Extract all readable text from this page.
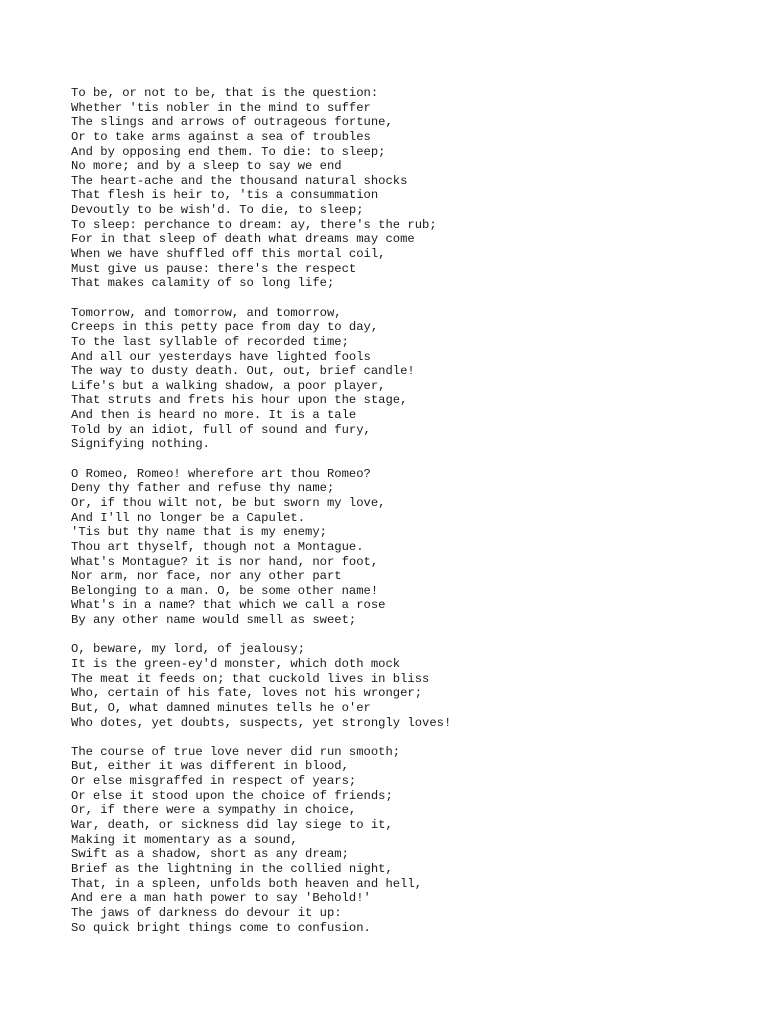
To be, or not to be, that is the question:
Whether 'tis nobler in the mind to suffer
The slings and arrows of outrageous fortune,
Or to take arms against a sea of troubles
And by opposing end them. To die: to sleep;
No more; and by a sleep to say we end
The heart-ache and the thousand natural shocks
That flesh is heir to, 'tis a consummation
Devoutly to be wish'd. To die, to sleep;
To sleep: perchance to dream: ay, there's the rub;
For in that sleep of death what dreams may come
When we have shuffled off this mortal coil,
Must give us pause: there's the respect
That makes calamity of so long life;
Tomorrow, and tomorrow, and tomorrow,
Creeps in this petty pace from day to day,
To the last syllable of recorded time;
And all our yesterdays have lighted fools
The way to dusty death. Out, out, brief candle!
Life's but a walking shadow, a poor player,
That struts and frets his hour upon the stage,
And then is heard no more. It is a tale
Told by an idiot, full of sound and fury,
Signifying nothing.
O Romeo, Romeo! wherefore art thou Romeo?
Deny thy father and refuse thy name;
Or, if thou wilt not, be but sworn my love,
And I'll no longer be a Capulet.
'Tis but thy name that is my enemy;
Thou art thyself, though not a Montague.
What's Montague? it is nor hand, nor foot,
Nor arm, nor face, nor any other part
Belonging to a man. O, be some other name!
What's in a name? that which we call a rose
By any other name would smell as sweet;
O, beware, my lord, of jealousy;
It is the green-ey'd monster, which doth mock
The meat it feeds on; that cuckold lives in bliss
Who, certain of his fate, loves not his wronger;
But, O, what damned minutes tells he o'er
Who dotes, yet doubts, suspects, yet strongly loves!
The course of true love never did run smooth;
But, either it was different in blood,
Or else misgraffed in respect of years;
Or else it stood upon the choice of friends;
Or, if there were a sympathy in choice,
War, death, or sickness did lay siege to it,
Making it momentary as a sound,
Swift as a shadow, short as any dream;
Brief as the lightning in the collied night,
That, in a spleen, unfolds both heaven and hell,
And ere a man hath power to say 'Behold!'
The jaws of darkness do devour it up:
So quick bright things come to confusion.
